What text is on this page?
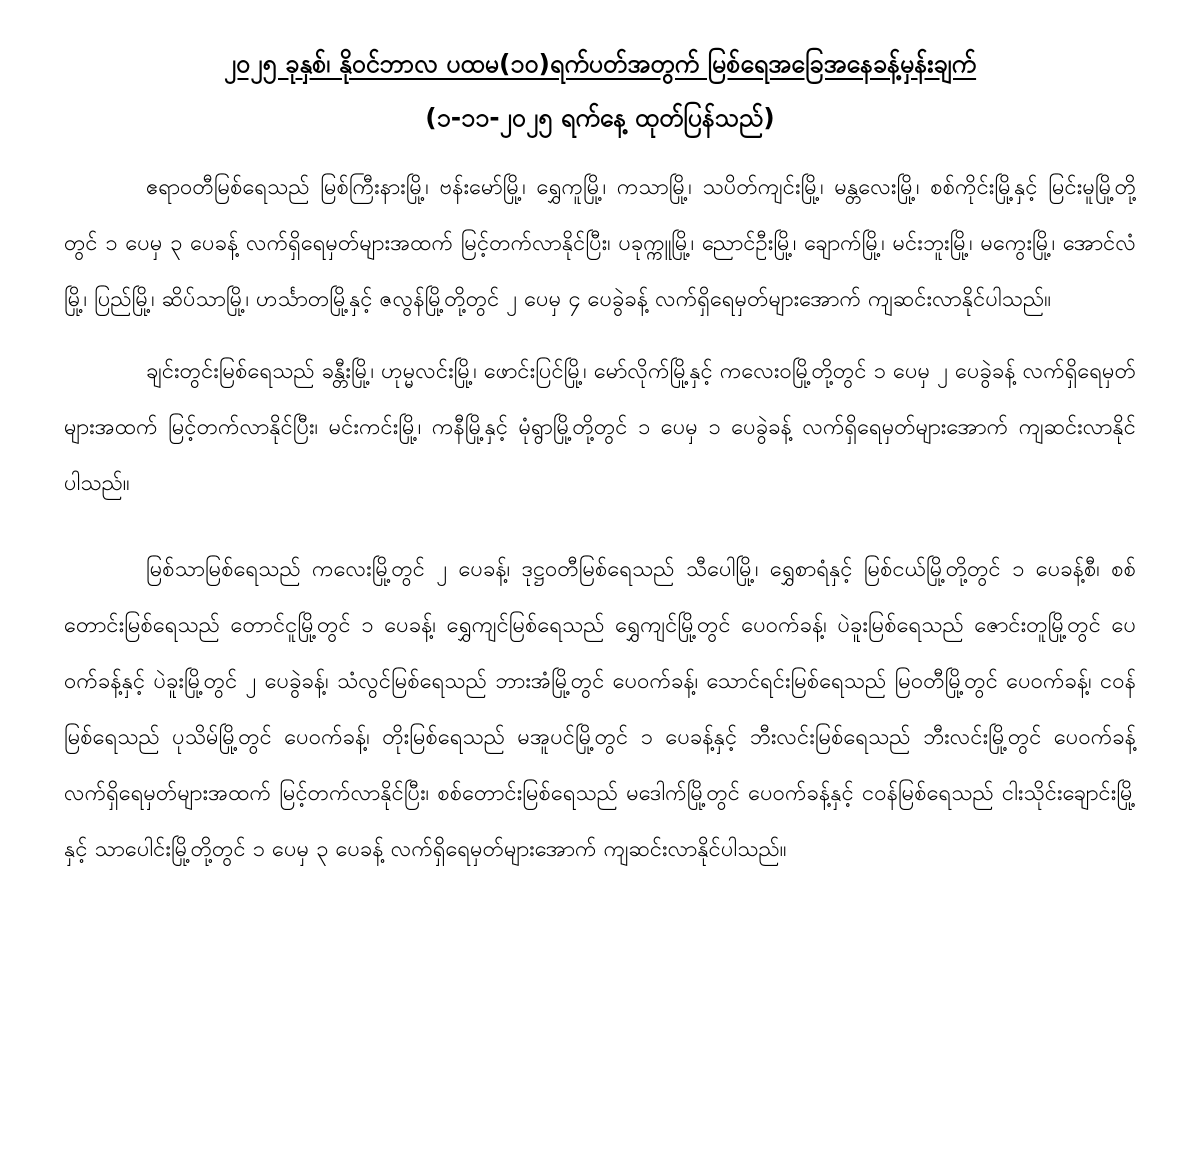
၂၀၂၅ ခုနှစ်၊ နိုဝင်ဘာလ ပထမ(၁၀)ရက်ပတ်အတွက် မြစ်ရေအခြေအနေခန့်မှန်းချက်
(၁-၁၁-၂၀၂၅ ရက်နေ့ ထုတ်ပြန်သည်)

ဧရာဝတီမြစ်ရေသည် မြစ်ကြီးနားမြို့၊ ဗန်းမော်မြို့၊ ရွှေကူမြို့၊ ကသာမြို့၊ သပိတ်ကျင်းမြို့၊ မန္တလေးမြို့၊ စစ်ကိုင်းမြို့နှင့် မြင်းမူမြို့တို့တွင် ၁ ပေမှ ၃ ပေခန့် လက်ရှိရေမှတ်များအထက် မြင့်တက်လာနိုင်ပြီး၊ ပခုက္ကူမြို့၊ ညောင်ဦးမြို့၊ ချောက်မြို့၊ မင်းဘူးမြို့၊ မကွေးမြို့၊ အောင်လံမြို့၊ ပြည်မြို့၊ ဆိပ်သာမြို့၊ ဟင်္သာတမြို့နှင့် ဇလွန်မြို့တို့တွင် ၂ ပေမှ ၄ ပေခွဲခန့် လက်ရှိရေမှတ်များအောက် ကျဆင်းလာနိုင်ပါသည်။

ချင်းတွင်းမြစ်ရေသည် ခန္တီးမြို့၊ ဟုမ္မလင်းမြို့၊ ဖောင်းပြင်မြို့၊ မော်လိုက်မြို့နှင့် ကလေးဝမြို့တို့တွင် ၁ ပေမှ ၂ ပေခွဲခန့် လက်ရှိရေမှတ်များအထက် မြင့်တက်လာနိုင်ပြီး၊ မင်းကင်းမြို့၊ ကနီမြို့နှင့် မုံရွာမြို့တို့တွင် ၁ ပေမှ ၁ ပေခွဲခန့် လက်ရှိရေမှတ်များအောက် ကျဆင်းလာနိုင်ပါသည်။

မြစ်သာမြစ်ရေသည် ကလေးမြို့တွင် ၂ ပေခန့်၊ ဒုဋ္ဌဝတီမြစ်ရေသည် သီပေါမြို့၊ ရွှေစာရံနှင့် မြစ်ငယ်မြို့တို့တွင် ၁ ပေခန့်စီ၊ စစ်တောင်းမြစ်ရေသည် တောင်ငူမြို့တွင် ၁ ပေခန့်၊ ရွှေကျင်မြစ်ရေသည် ရွှေကျင်မြို့တွင် ပေဝက်ခန့်၊ ပဲခူးမြစ်ရေသည် ဇောင်းတူမြို့တွင် ပေဝက်ခန့်နှင့် ပဲခူးမြို့တွင် ၂ ပေခွဲခန့်၊ သံလွင်မြစ်ရေသည် ဘားအံမြို့တွင် ပေဝက်ခန့်၊ သောင်ရင်းမြစ်ရေသည် မြဝတီမြို့တွင် ပေဝက်ခန့်၊ ငဝန်မြစ်ရေသည် ပုသိမ်မြို့တွင် ပေဝက်ခန့်၊ တိုးမြစ်ရေသည် မအူပင်မြို့တွင် ၁ ပေခန့်နှင့် ဘီးလင်းမြစ်ရေသည် ဘီးလင်းမြို့တွင် ပေဝက်ခန့် လက်ရှိရေမှတ်များအထက် မြင့်တက်လာနိုင်ပြီး၊ စစ်တောင်းမြစ်ရေသည် မဒေါက်မြို့တွင် ပေဝက်ခန့်နှင့် ငဝန်မြစ်ရေသည် ငါးသိုင်းချောင်းမြို့နှင့် သာပေါင်းမြို့တို့တွင် ၁ ပေမှ ၃ ပေခန့် လက်ရှိရေမှတ်များအောက် ကျဆင်းလာနိုင်ပါသည်။
